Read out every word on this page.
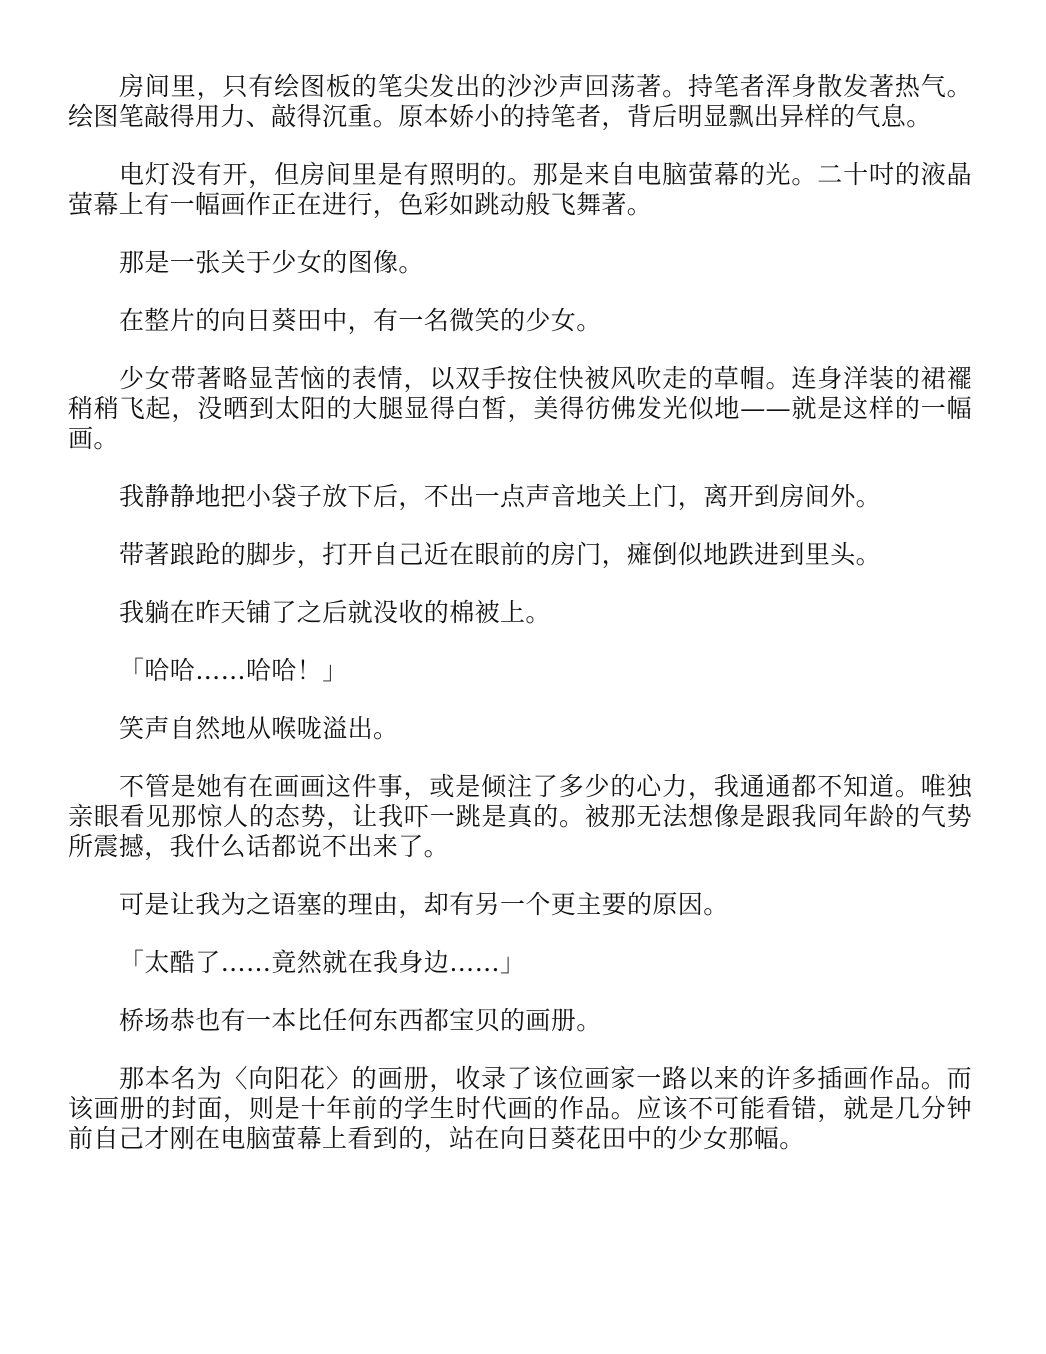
房间里，只有绘图板的笔尖发出的沙沙声回荡著。持笔者浑身散发著热气。绘图笔敲得用力、敲得沉重。原本娇小的持笔者，背后明显飘出异样的气息。

电灯没有开，但房间里是有照明的。那是来自电脑萤幕的光。二十吋的液晶萤幕上有一幅画作正在进行，色彩如跳动般飞舞著。

那是一张关于少女的图像。

在整片的向日葵田中，有一名微笑的少女。

少女带著略显苦恼的表情，以双手按住快被风吹走的草帽。连身洋装的裙襬稍稍飞起，没晒到太阳的大腿显得白皙，美得彷佛发光似地——就是这样的一幅画。

我静静地把小袋子放下后，不出一点声音地关上门，离开到房间外。

带著踉跄的脚步，打开自己近在眼前的房门，瘫倒似地跌进到里头。

我躺在昨天铺了之后就没收的棉被上。

「哈哈……哈哈！」

笑声自然地从喉咙溢出。

不管是她有在画画这件事，或是倾注了多少的心力，我通通都不知道。唯独亲眼看见那惊人的态势，让我吓一跳是真的。被那无法想像是跟我同年龄的气势所震撼，我什么话都说不出来了。

可是让我为之语塞的理由，却有另一个更主要的原因。

「太酷了……竟然就在我身边……」

桥场恭也有一本比任何东西都宝贝的画册。

那本名为〈向阳花〉的画册，收录了该位画家一路以来的许多插画作品。而该画册的封面，则是十年前的学生时代画的作品。应该不可能看错，就是几分钟前自己才刚在电脑萤幕上看到的，站在向日葵花田中的少女那幅。
